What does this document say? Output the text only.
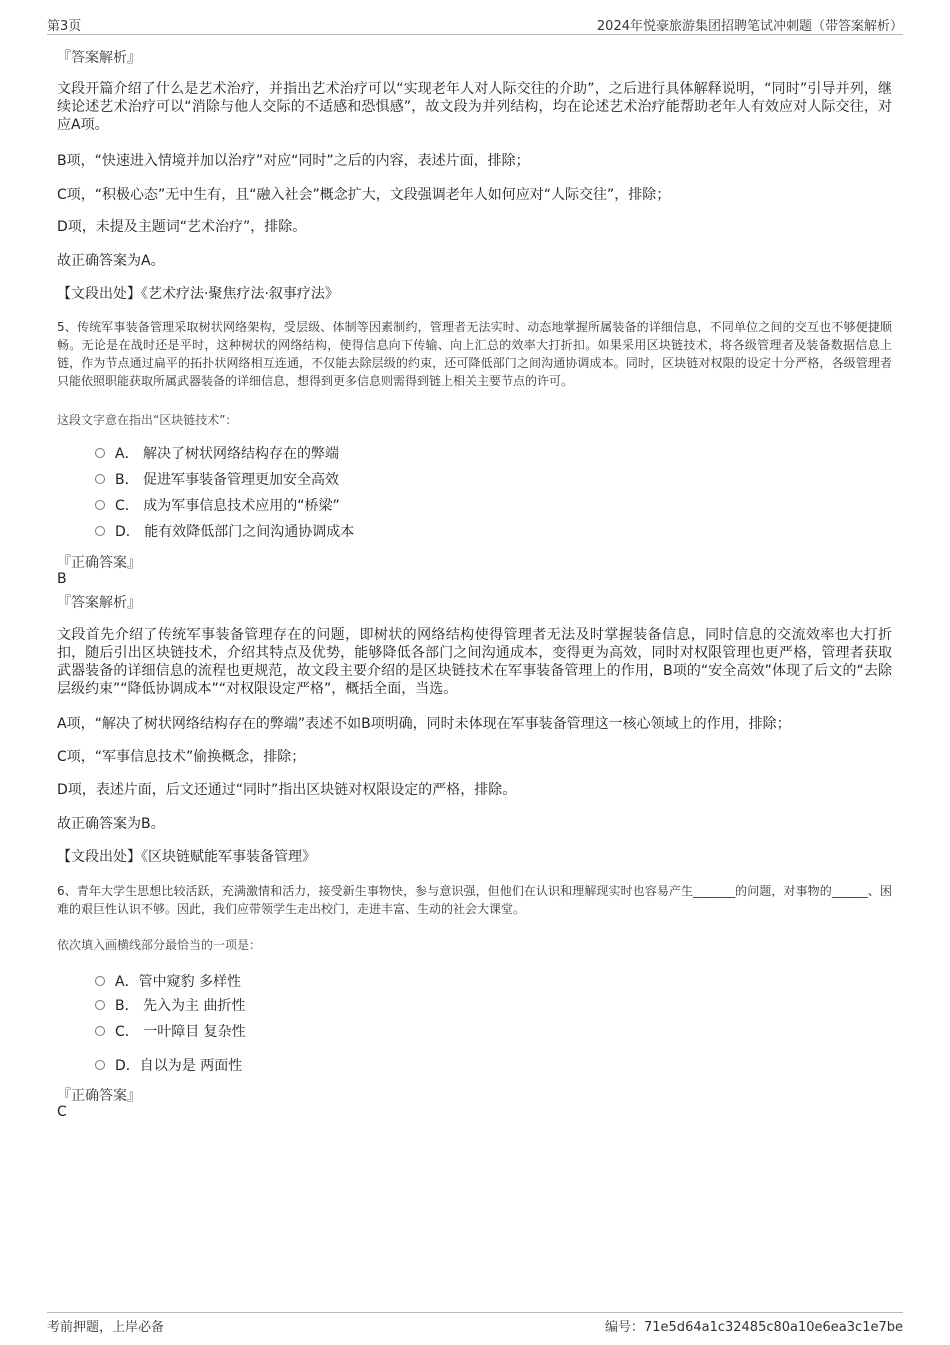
第3页	2024年悦豪旅游集团招聘笔试冲刺题（带答案解析）
『答案解析』

文段开篇介绍了什么是艺术治疗，并指出艺术治疗可以“实现老年人对人际交往的介助”，之后进行具体解释说明，“同时”引导并列，继续论述艺术治疗可以“消除与他人交际的不适感和恐惧感”，故文段为并列结构，均在论述艺术治疗能帮助老年人有效应对人际交往，对应A项。

B项，“快速进入情境并加以治疗”对应“同时”之后的内容，表述片面，排除；

C项，“积极心态”无中生有，且“融入社会”概念扩大，文段强调老年人如何应对“人际交往”，排除；

D项，未提及主题词“艺术治疗”，排除。

故正确答案为A。

【文段出处】《艺术疗法·聚焦疗法·叙事疗法》

5、传统军事装备管理采取树状网络架构，受层级、体制等因素制约，管理者无法实时、动态地掌握所属装备的详细信息，不同单位之间的交互也不够便捷顺畅。无论是在战时还是平时，这种树状的网络结构，使得信息向下传输、向上汇总的效率大打折扣。如果采用区块链技术，将各级管理者及装备数据信息上链，作为节点通过扁平的拓扑状网络相互连通，不仅能去除层级的约束，还可降低部门之间沟通协调成本。同时，区块链对权限的设定十分严格，各级管理者只能依照职能获取所属武器装备的详细信息，想得到更多信息则需得到链上相关主要节点的许可。

这段文字意在指出“区块链技术”：

A． 解决了树状网络结构存在的弊端
B． 促进军事装备管理更加安全高效
C． 成为军事信息技术应用的“桥梁”
D． 能有效降低部门之间沟通协调成本
『正确答案』
B
『答案解析』

文段首先介绍了传统军事装备管理存在的问题，即树状的网络结构使得管理者无法及时掌握装备信息，同时信息的交流效率也大打折扣，随后引出区块链技术，介绍其特点及优势，能够降低各部门之间沟通成本，变得更为高效，同时对权限管理也更严格，管理者获取武器装备的详细信息的流程也更规范，故文段主要介绍的是区块链技术在军事装备管理上的作用，B项的“安全高效”体现了后文的“去除层级约束”“降低协调成本”“对权限设定严格”，概括全面，当选。

A项，“解决了树状网络结构存在的弊端”表述不如B项明确，同时未体现在军事装备管理这一核心领域上的作用，排除；

C项，“军事信息技术”偷换概念，排除；

D项，表述片面，后文还通过“同时”指出区块链对权限设定的严格，排除。

故正确答案为B。

【文段出处】《区块链赋能军事装备管理》

6、青年大学生思想比较活跃，充满激情和活力，接受新生事物快，参与意识强，但他们在认识和理解现实时也容易产生_______的问题，对事物的______、困难的艰巨性认识不够。因此，我们应带领学生走出校门，走进丰富、生动的社会大课堂。

依次填入画横线部分最恰当的一项是：

A．管中窥豹 多样性
B． 先入为主 曲折性
C． 一叶障目 复杂性
D．自以为是 两面性
『正确答案』
C
考前押题，上岸必备	编号：71e5d64a1c32485c80a10e6ea3c1e7be
